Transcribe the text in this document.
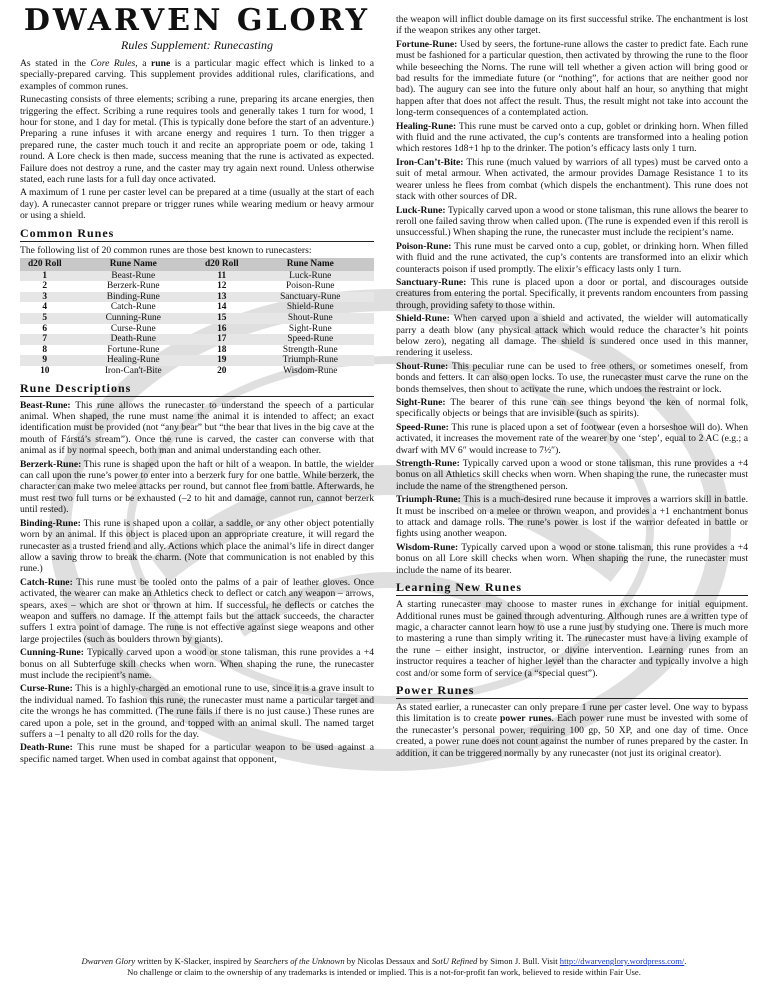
DWARVEN GLORY
Rules Supplement: Runecasting

As stated in the Core Rules, a rune is a particular magic effect which is linked to a specially-prepared carving. This supplement provides additional rules, clarifications, and examples of common runes.

Runecasting consists of three elements; scribing a rune, preparing its arcane energies, then triggering the effect. Scribing a rune requires tools and generally takes 1 turn for wood, 1 hour for stone, and 1 day for metal. (This is typically done before the start of an adventure.) Preparing a rune infuses it with arcane energy and requires 1 turn. To then trigger a prepared rune, the caster much touch it and recite an appropriate poem or ode, taking 1 round. A Lore check is then made, success meaning that the rune is activated as expected. Failure does not destroy a rune, and the caster may try again next round. Unless otherwise stated, each rune lasts for a full day once activated.

A maximum of 1 rune per caster level can be prepared at a time (usually at the start of each day). A runecaster cannot prepare or trigger runes while wearing medium or heavy armour or using a shield.

Common Runes

The following list of 20 common runes are those best known to runecasters:

d20 Roll	Rune Name	d20 Roll	Rune Name
1	Beast-Rune	11	Luck-Rune
2	Berzerk-Rune	12	Poison-Rune
3	Binding-Rune	13	Sanctuary-Rune
4	Catch-Rune	14	Shield-Rune
5	Cunning-Rune	15	Shout-Rune
6	Curse-Rune	16	Sight-Rune
7	Death-Rune	17	Speed-Rune
8	Fortune-Rune	18	Strength-Rune
9	Healing-Rune	19	Triumph-Rune
10	Iron-Can't-Bite	20	Wisdom-Rune
Rune Descriptions

Beast-Rune: This rune allows the runecaster to understand the speech of a particular animal. When shaped, the rune must name the animal it is intended to affect; an exact identification must be provided (not “any bear” but “the bear that lives in the big cave at the mouth of Fárstá’s stream”). Once the rune is carved, the caster can converse with that animal as if by normal speech, both man and animal understanding each other.

Berzerk-Rune: This rune is shaped upon the haft or hilt of a weapon. In battle, the wielder can call upon the rune’s power to enter into a berzerk fury for one battle. While berzerk, the character can make two melee attacks per round, but cannot flee from battle. Afterwards, he must rest two full turns or be exhausted (–2 to hit and damage, cannot run, cannot berzerk until rested).

Binding-Rune: This rune is shaped upon a collar, a saddle, or any other object potentially worn by an animal. If this object is placed upon an appropriate creature, it will regard the runecaster as a trusted friend and ally. Actions which place the animal’s life in direct danger allow a saving throw to break the charm. (Note that communication is not enabled by this rune.)

Catch-Rune: This rune must be tooled onto the palms of a pair of leather gloves. Once activated, the wearer can make an Athletics check to deflect or catch any weapon – arrows, spears, axes – which are shot or thrown at him. If successful, he deflects or catches the weapon and suffers no damage. If the attempt fails but the attack succeeds, the character suffers 1 extra point of damage. The rune is not effective against siege weapons and other large projectiles (such as boulders thrown by giants).

Cunning-Rune: Typically carved upon a wood or stone talisman, this rune provides a +4 bonus on all Subterfuge skill checks when worn. When shaping the rune, the runecaster must include the recipient’s name.

Curse-Rune: This is a highly-charged an emotional rune to use, since it is a grave insult to the individual named. To fashion this rune, the runecaster must name a particular target and cite the wrongs he has committed. (The rune fails if there is no just cause.) These runes are cared upon a pole, set in the ground, and topped with an animal skull. The named target suffers a –1 penalty to all d20 rolls for the day.

Death-Rune: This rune must be shaped for a particular weapon to be used against a specific named target. When used in combat against that opponent,

the weapon will inflict double damage on its first successful strike. The enchantment is lost if the weapon strikes any other target.

Fortune-Rune: Used by seers, the fortune-rune allows the caster to predict fate. Each rune must be fashioned for a particular question, then activated by throwing the rune to the floor while beseeching the Norns. The rune will tell whether a given action will bring good or bad results for the immediate future (or “nothing”, for actions that are neither good nor bad). The augury can see into the future only about half an hour, so anything that might happen after that does not affect the result. Thus, the result might not take into account the long-term consequences of a contemplated action.

Healing-Rune: This rune must be carved onto a cup, goblet or drinking horn. When filled with fluid and the rune activated, the cup’s contents are transformed into a healing potion which restores 1d8+1 hp to the drinker. The potion’s efficacy lasts only 1 turn.

Iron-Can’t-Bite: This rune (much valued by warriors of all types) must be carved onto a suit of metal armour. When activated, the armour provides Damage Resistance 1 to its wearer unless he flees from combat (which dispels the enchantment). This rune does not stack with other sources of DR.

Luck-Rune: Typically carved upon a wood or stone talisman, this rune allows the bearer to reroll one failed saving throw when called upon. (The rune is expended even if this reroll is unsuccessful.) When shaping the rune, the runecaster must include the recipient’s name.

Poison-Rune: This rune must be carved onto a cup, goblet, or drinking horn. When filled with fluid and the rune activated, the cup’s contents are transformed into an elixir which counteracts poison if used promptly. The elixir’s efficacy lasts only 1 turn.

Sanctuary-Rune: This rune is placed upon a door or portal, and discourages outside creatures from entering the portal. Specifically, it prevents random encounters from passing through, providing safety to those within.

Shield-Rune: When carved upon a shield and activated, the wielder will automatically parry a death blow (any physical attack which would reduce the character’s hit points below zero), negating all damage. The shield is sundered once used in this manner, rendering it useless.

Shout-Rune: This peculiar rune can be used to free others, or sometimes oneself, from bonds and fetters. It can also open locks. To use, the runecaster must carve the rune on the bonds themselves, then shout to activate the rune, which undoes the restraint or lock.

Sight-Rune: The bearer of this rune can see things beyond the ken of normal folk, specifically objects or beings that are invisible (such as spirits).

Speed-Rune: This rune is placed upon a set of footwear (even a horseshoe will do). When activated, it increases the movement rate of the wearer by one ‘step’, equal to 2 AC (e.g.; a dwarf with MV 6″ would increase to 7½″).

Strength-Rune: Typically carved upon a wood or stone talisman, this rune provides a +4 bonus on all Athletics skill checks when worn. When shaping the rune, the runecaster must include the name of the strengthened person.

Triumph-Rune: This is a much-desired rune because it improves a warriors skill in battle. It must be inscribed on a melee or thrown weapon, and provides a +1 enchantment bonus to attack and damage rolls. The rune’s power is lost if the warrior defeated in battle or fights using another weapon.

Wisdom-Rune: Typically carved upon a wood or stone talisman, this rune provides a +4 bonus on all Lore skill checks when worn. When shaping the rune, the runecaster must include the name of its bearer.

Learning New Runes

A starting runecaster may choose to master runes in exchange for initial equipment. Additional runes must be gained through adventuring. Although runes are a written type of magic, a character cannot learn how to use a rune just by studying one. There is much more to mastering a rune than simply writing it. The runecaster must have a living example of the rune – either insight, instructor, or divine intervention. Learning runes from an instructor requires a teacher of higher level than the character and typically involve a high cost and/or some form of service (a “special quest”).

Power Runes

As stated earlier, a runecaster can only prepare 1 rune per caster level. One way to bypass this limitation is to create power runes. Each power rune must be invested with some of the runecaster’s personal power, requiring 100 gp, 50 XP, and one day of time. Once created, a power rune does not count against the number of runes prepared by the caster. In addition, it can be triggered normally by any runecaster (not just its original creator).

Dwarven Glory written by K-Slacker, inspired by Searchers of the Unknown by Nicolas Dessaux and SotU Refined by Simon J. Bull. Visit http://dwarvenglory.wordpress.com/.
No challenge or claim to the ownership of any trademarks is intended or implied. This is a not-for-profit fan work, believed to reside within Fair Use.
